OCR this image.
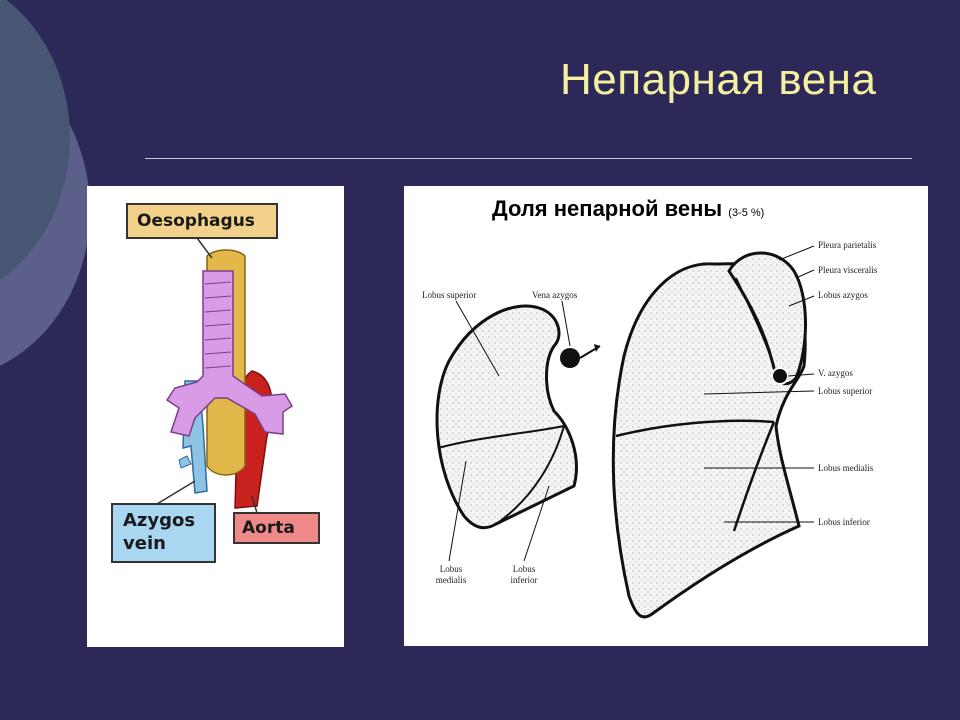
Непарная вена
Oesophagus
Azygos
vein
Aorta
Доля непарной вены (3-5 %)
Lobus superior	Vena azygos
Lobus
medialis
Lobus
inferior
Pleura parietalis
Pleura visceralis
Lobus azygos
V. azygos
Lobus superior
Lobus medialis
Lobus inferior
